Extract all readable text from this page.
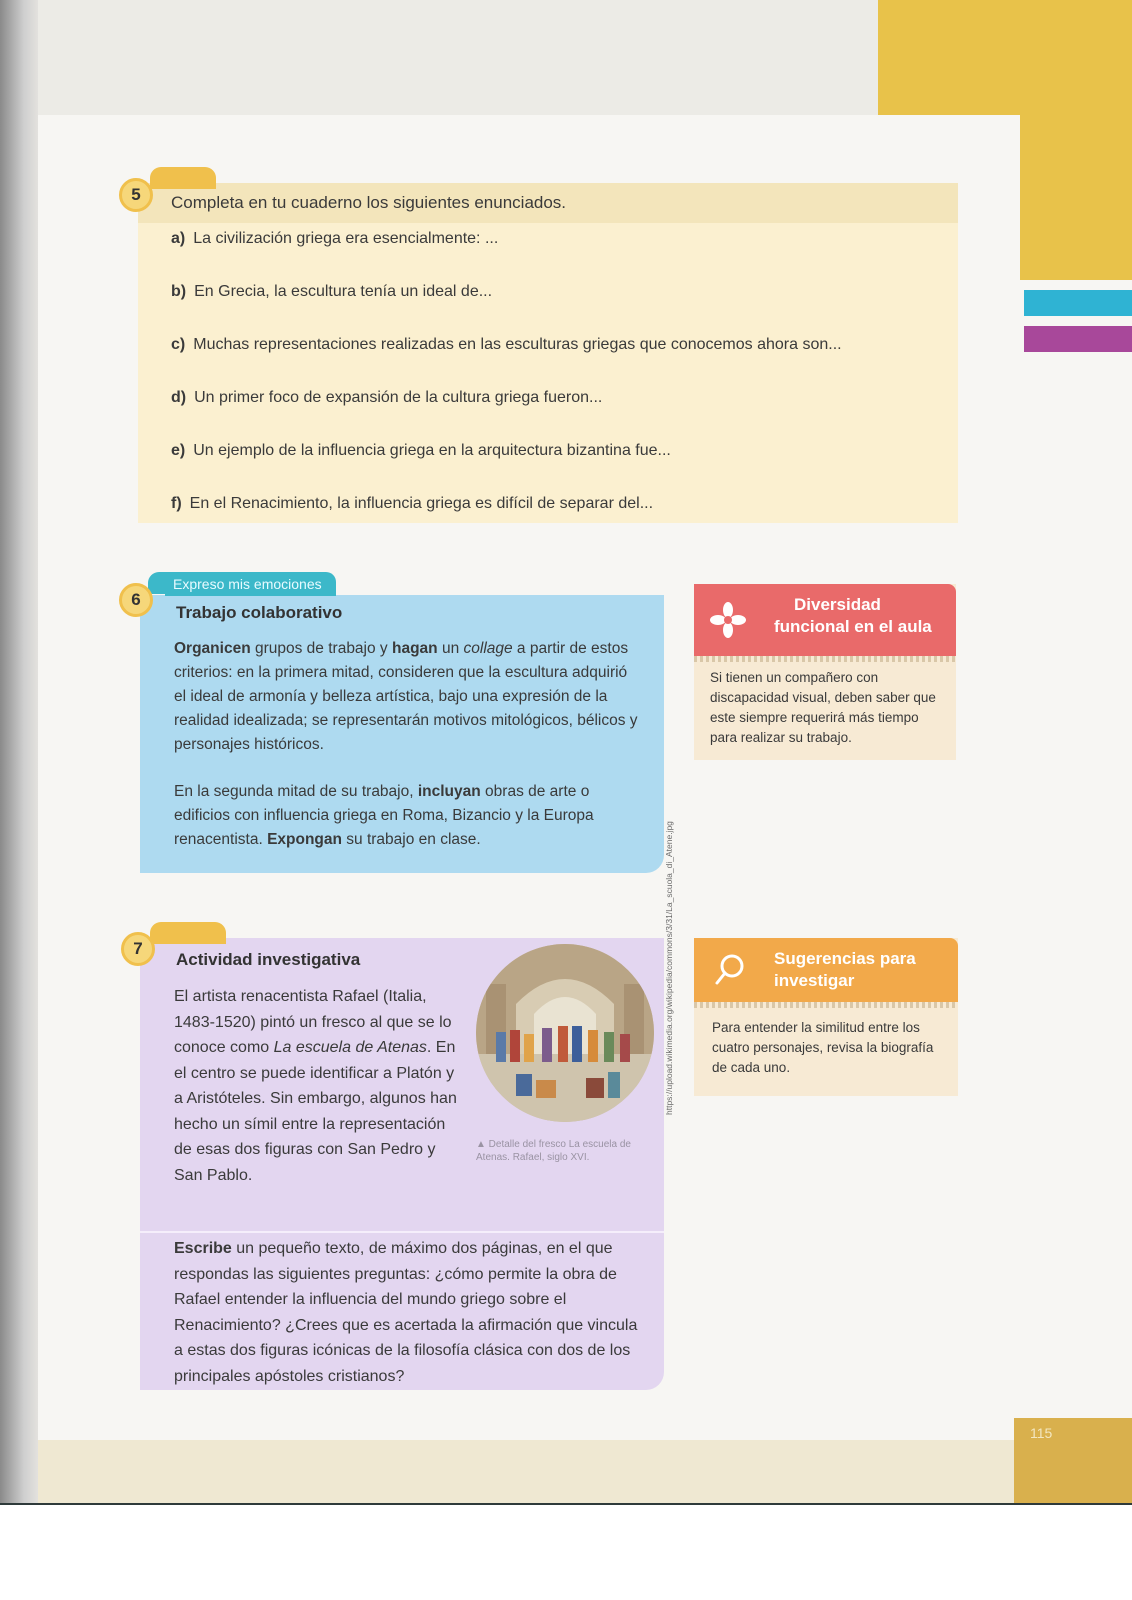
115
5	Completa en tu cuaderno los siguientes enunciados.
a) La civilización griega era esencialmente: ...
b) En Grecia, la escultura tenía un ideal de...
c) Muchas representaciones realizadas en las esculturas griegas que conocemos ahora son...
d) Un primer foco de expansión de la cultura griega fueron...
e) Un ejemplo de la influencia griega en la arquitectura bizantina fue...
f) En el Renacimiento, la influencia griega es difícil de separar del...
Trabajo colaborativo
Organicen grupos de trabajo y hagan un collage a partir de estos criterios: en la primera mitad, consideren que la escultura adquirió el ideal de armonía y belleza artística, bajo una expresión de la realidad idealizada; se representarán motivos mitológicos, bélicos y personajes históricos.
En la segunda mitad de su trabajo, incluyan obras de arte o edificios con influencia griega en Roma, Bizancio y la Europa renacentista. Expongan su trabajo en clase.
Expreso mis emociones
6	Diversidad
funcional en el aula
Si tienen un compañero con discapacidad visual, deben saber que este siempre requerirá más tiempo para realizar su trabajo.
Actividad investigativa
El artista renacentista Rafael (Italia, 1483-1520) pintó un fresco al que se lo conoce como La escuela de Atenas. En el centro se puede identificar a Platón y a Aristóteles. Sin embargo, algunos han hecho un símil entre la representación de esas dos figuras con San Pedro y San Pablo.
Escribe un pequeño texto, de máximo dos páginas, en el que respondas las siguientes preguntas: ¿cómo permite la obra de Rafael entender la influencia del mundo griego sobre el Renacimiento? ¿Crees que es acertada la afirmación que vincula a estas dos figuras icónicas de la filosofía clásica con dos de los principales apóstoles cristianos?
7
▲ Detalle del fresco La escuela de Atenas. Rafael, siglo XVI.
https://upload.wikimedia.org/wikipedia/commons/3/31/La_scuola_di_Atene.jpg	Sugerencias para
investigar
Para entender la similitud entre los cuatro personajes, revisa la biografía de cada uno.
